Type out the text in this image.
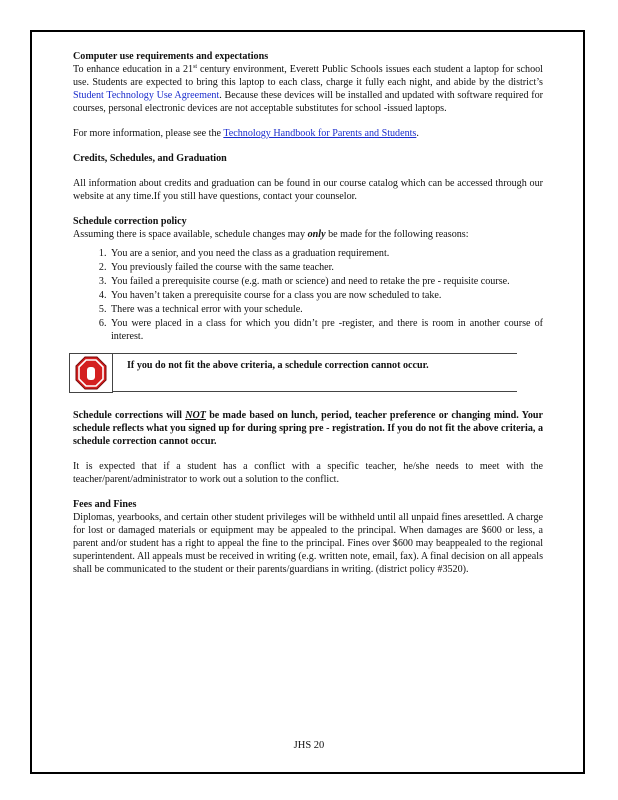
Computer use requirements and expectations
To enhance education in a 21st century environment, Everett Public Schools issues each student a laptop for school use. Students are expected to bring this laptop to each class, charge it fully each night, and abide by the district’s Student Technology Use Agreement. Because these devices will be installed and updated with software required for courses, personal electronic devices are not acceptable substitutes for school -issued laptops.
For more information, please see the Technology Handbook for Parents and Students.
Credits, Schedules, and Graduation
All information about credits and graduation can be found in our course catalog which can be accessed through our website at any time.If you still have questions, contact your counselor.
Schedule correction policy
Assuming there is space available, schedule changes may only be made for the following reasons:
1. You are a senior, and you need the class as a graduation requirement.
2. You previously failed the course with the same teacher.
3. You failed a prerequisite course (e.g. math or science) and need to retake the pre - requisite course.
4. You haven’t taken a prerequisite course for a class you are now scheduled to take.
5. There was a technical error with your schedule.
6. You were placed in a class for which you didn’t pre -register, and there is room in another course of interest.
If you do not fit the above criteria, a schedule correction cannot occur.
Schedule corrections will NOT be made based on lunch, period, teacher preference or changing mind. Your schedule reflects what you signed up for during spring pre - registration. If you do not fit the above criteria, a schedule correction cannot occur.
It is expected that if a student has a conflict with a specific teacher, he/she needs to meet with the teacher/parent/administrator to work out a solution to the conflict.
Fees and Fines
Diplomas, yearbooks, and certain other student privileges will be withheld until all unpaid fines aresettled. A charge for lost or damaged materials or equipment may be appealed to the principal. When damages are $600 or less, a parent and/or student has a right to appeal the fine to the principal. Fines over $600 may beappealed to the regional superintendent. All appeals must be received in writing (e.g. written note, email, fax). A final decision on all appeals shall be communicated to the student or their parents/guardians in writing. (district policy #3520).
JHS 20
